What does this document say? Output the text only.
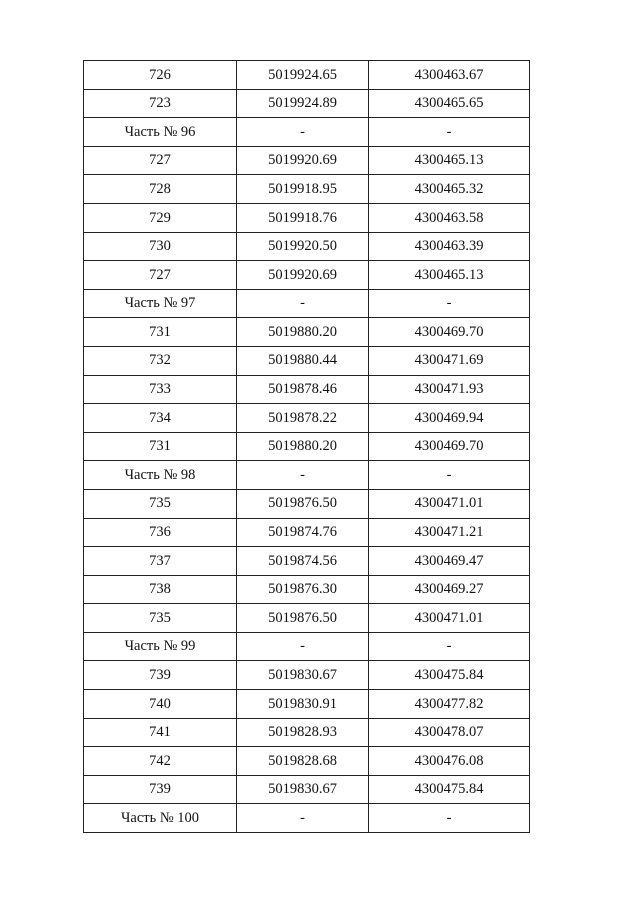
726	5019924.65	4300463.67
723	5019924.89	4300465.65
Часть № 96	-	-
727	5019920.69	4300465.13
728	5019918.95	4300465.32
729	5019918.76	4300463.58
730	5019920.50	4300463.39
727	5019920.69	4300465.13
Часть № 97	-	-
731	5019880.20	4300469.70
732	5019880.44	4300471.69
733	5019878.46	4300471.93
734	5019878.22	4300469.94
731	5019880.20	4300469.70
Часть № 98	-	-
735	5019876.50	4300471.01
736	5019874.76	4300471.21
737	5019874.56	4300469.47
738	5019876.30	4300469.27
735	5019876.50	4300471.01
Часть № 99	-	-
739	5019830.67	4300475.84
740	5019830.91	4300477.82
741	5019828.93	4300478.07
742	5019828.68	4300476.08
739	5019830.67	4300475.84
Часть № 100	-	-
